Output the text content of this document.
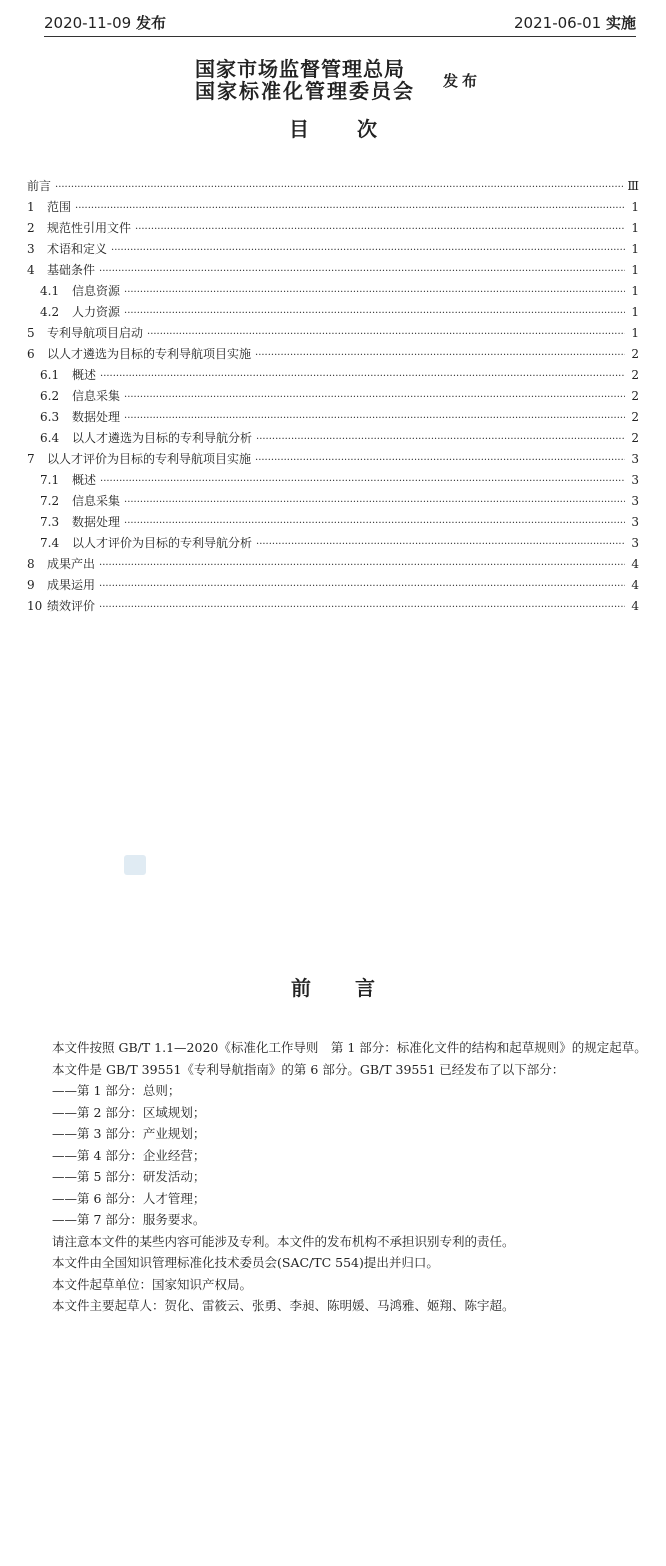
2020-11-09 发布	2021-06-01 实施
国家市场监督管理总局
国家标准化管理委员会 发布
目次
前言 ·····	Ⅲ
1	范围 ·····	1
2	规范性引用文件 ·····	1
3	术语和定义 ·····	1
4	基础条件 ·····	1
4.1	信息资源 ·····	1
4.2	人力资源 ·····	1
5	专利导航项目启动 ·····	1
6	以人才遴选为目标的专利导航项目实施 ·····	2
6.1	概述 ·····	2
6.2	信息采集 ·····	2
6.3	数据处理 ·····	2
6.4	以人才遴选为目标的专利导航分析 ·····	2
7	以人才评价为目标的专利导航项目实施 ·····	3
7.1	概述 ·····	3
7.2	信息采集 ·····	3
7.3	数据处理 ·····	3
7.4	以人才评价为目标的专利导航分析 ·····	3
8	成果产出 ·····	4
9	成果运用 ·····	4
10 绩效评价 ·····	4
前言

本文件按照 GB/T 1.1—2020《标准化工作导则　第 1 部分：标准化文件的结构和起草规则》的规定起草。

本文件是 GB/T 39551《专利导航指南》的第 6 部分。GB/T 39551 已经发布了以下部分：

——第 1 部分：总则；

——第 2 部分：区域规划；

——第 3 部分：产业规划；

——第 4 部分：企业经营；

——第 5 部分：研发活动；

——第 6 部分：人才管理；

——第 7 部分：服务要求。

请注意本文件的某些内容可能涉及专利。本文件的发布机构不承担识别专利的责任。

本文件由全国知识管理标准化技术委员会(SAC/TC 554)提出并归口。

本文件起草单位：国家知识产权局。

本文件主要起草人：贺化、雷筱云、张勇、李昶、陈明媛、马鸿雅、姬翔、陈宇超。
